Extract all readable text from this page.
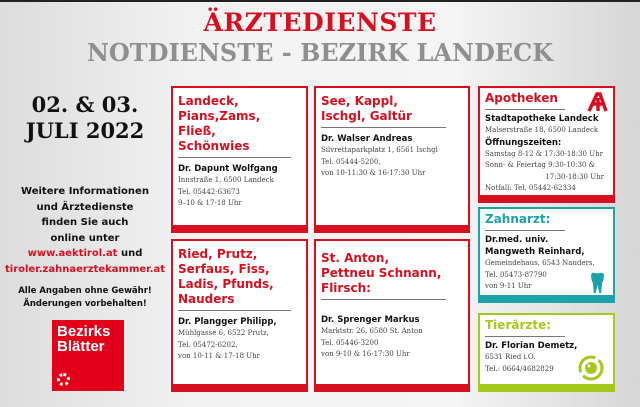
ÄRZTEDIENSTE
NOTDIENSTE - BEZIRK LANDECK
02. & 03.
JULI 2022
Weitere Informationen
und Ärztedienste
finden Sie auch
online unter
www.aektirol.at und
tiroler.zahnaerztekammer.at
Alle Angaben ohne Gewähr!
Änderungen vorbehalten!
Bezirks Blätter
Landeck, Pians,Zams, Fließ, Schönwies
Dr. Dapunt Wolfgang
Innstraße 1, 6500 Landeck
Tel. 05442-63673
9–10 & 17-18 Uhr
See, Kappl, Ischgl, Galtür
Dr. Walser Andreas
Silvrettaparkplatz 1, 6561 Ischgl
Tel. 05444-5200,
von 10-11:30 & 16-17:30 Uhr
Ried, Prutz, Serfaus, Fiss, Ladis, Pfunds, Nauders
Dr. Plangger Philipp,
Mühlgasse 6, 6522 Prutz,
Tel. 05472-6202,
von 10-11 & 17-18 Uhr
St. Anton, Pettneu Schnann, Flirsch:
Dr. Sprenger Markus
Marktstr. 26, 6580 St. Anton
Tel. 05446-3200
von 9-10 & 16-17:30 Uhr
Apotheken
Stadtapotheke Landeck
Malserstraße 18, 6500 Landeck
Öffnungszeiten:
Samstag 8-12 & 17:30-18:30 Uhr
Sonn- & Feiertag 9:30-10:30 &
17:30-18:30 Uhr
Notfall: Tel. 05442-62334
Zahnarzt:
Dr.med. univ.
Mangweth Reinhard,
Gemeindehaus, 6543 Nauders,
Tel. 05473-87790
von 9-11 Uhr
Tierärzte:
Dr. Florian Demetz,
6531 Ried i.O.
Tel.: 0664/4682829
